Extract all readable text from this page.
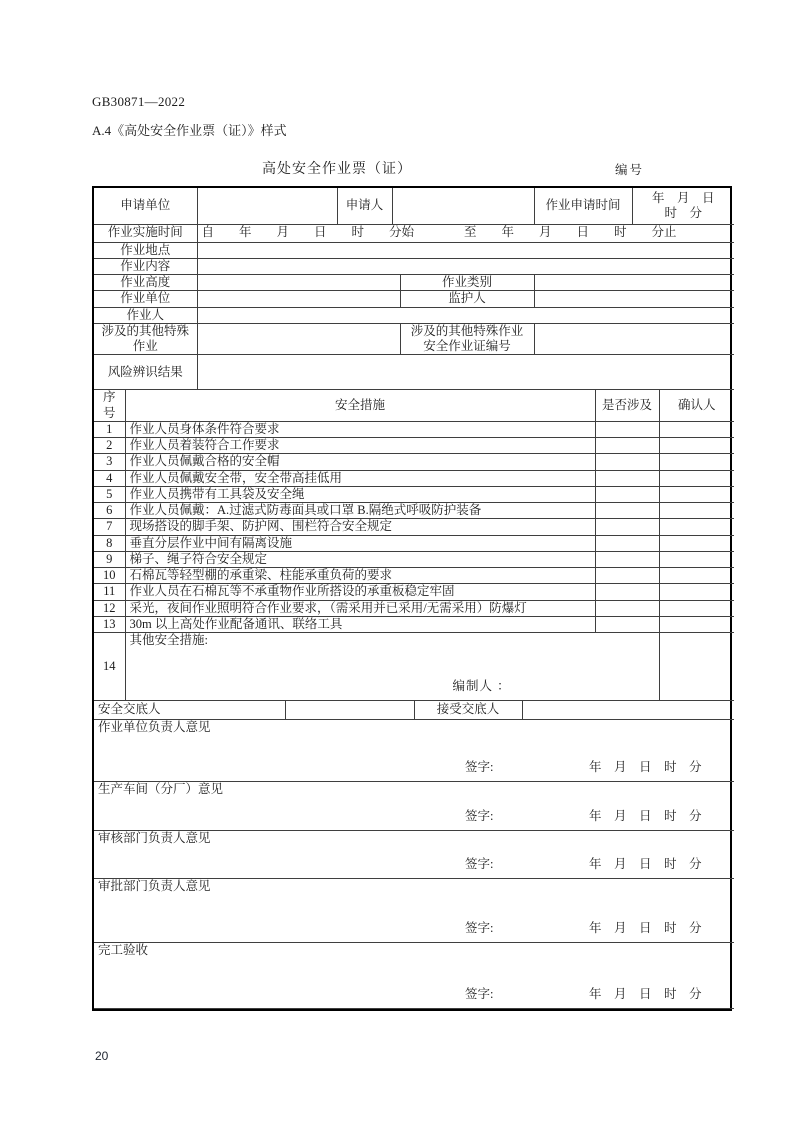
GB30871—2022
A.4《高处安全作业票（证）》样式
高处安全作业票（证）	编号
申请单位		申请人			作业申请时间	年　月　日
时　分

作业实施时间	自　　年　　月　　日　　时　　分始　　　　至　　年　　月　　日　　时　　分止					
作业地点						
作业内容						
作业高度				作业类别		
作业单位				监护人		
作业人						
涉及的其他特殊作业				涉及的其他特殊作业
安全作业证编号		

风险辨识结果						
序号	安全措施	是否涉及	确认人
1	作业人员身体条件符合要求		
2	作业人员着装符合工作要求		
3	作业人员佩戴合格的安全帽		
4	作业人员佩戴安全带，安全带高挂低用		
5	作业人员携带有工具袋及安全绳		
6	作业人员佩戴：A.过滤式防毒面具或口罩 B.隔绝式呼吸防护装备		
7	现场搭设的脚手架、防护网、围栏符合安全规定		
8	垂直分层作业中间有隔离设施		
9	梯子、绳子符合安全规定		
10	石棉瓦等轻型棚的承重梁、柱能承重负荷的要求		
11	作业人员在石棉瓦等不承重物作业所搭设的承重板稳定牢固		
12	采光，夜间作业照明符合作业要求，（需采用并已采用/无需采用）防爆灯		
13	30m 以上高处作业配备通讯、联络工具		
14	其他安全措施:
编制人 ：		

安全交底人		接受交底人	
作业单位负责人意见
签字:	年　月　日　时　分

生产车间（分厂）意见
签字:	年　月　日　时　分

审核部门负责人意见
签字:	年　月　日　时　分

审批部门负责人意见
签字:	年　月　日　时　分

完工验收
签字:	年　月　日　时　分
20
